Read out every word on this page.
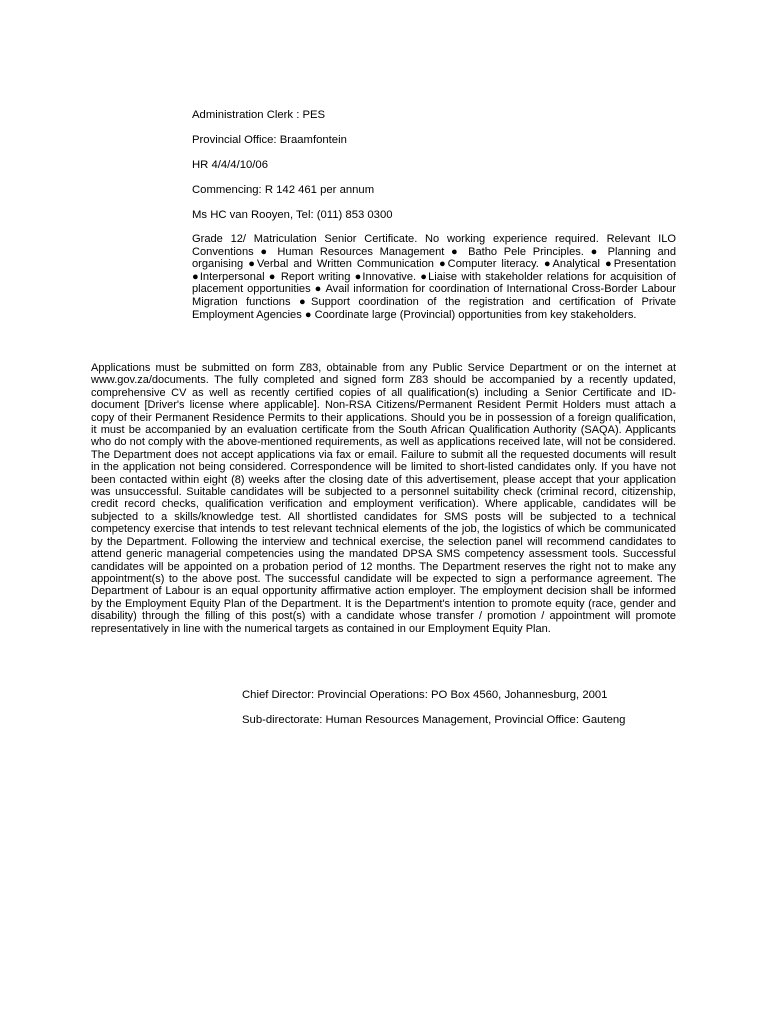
Administration Clerk : PES

Provincial Office: Braamfontein

HR 4/4/4/10/06

Commencing: R 142 461 per annum

Ms HC van Rooyen, Tel: (011) 853 0300

Grade 12/ Matriculation Senior Certificate. No working experience required. Relevant ILO Conventions ● Human Resources Management ● Batho Pele Principles. ● Planning and organising ●Verbal and Written Communication ●Computer literacy. ●Analytical ●Presentation ●Interpersonal ● Report writing ●Innovative. ●Liaise with stakeholder relations for acquisition of placement opportunities ● Avail information for coordination of International Cross-Border Labour Migration functions ●Support coordination of the registration and certification of Private Employment Agencies ● Coordinate large (Provincial) opportunities from key stakeholders.

Applications must be submitted on form Z83, obtainable from any Public Service Department or on the internet at www.gov.za/documents. The fully completed and signed form Z83 should be accompanied by a recently updated, comprehensive CV as well as recently certified copies of all qualification(s) including a Senior Certificate and ID-document [Driver's license where applicable]. Non-RSA Citizens/Permanent Resident Permit Holders must attach a copy of their Permanent Residence Permits to their applications. Should you be in possession of a foreign qualification, it must be accompanied by an evaluation certificate from the South African Qualification Authority (SAQA). Applicants who do not comply with the above-mentioned requirements, as well as applications received late, will not be considered. The Department does not accept applications via fax or email. Failure to submit all the requested documents will result in the application not being considered. Correspondence will be limited to short-listed candidates only. If you have not been contacted within eight (8) weeks after the closing date of this advertisement, please accept that your application was unsuccessful. Suitable candidates will be subjected to a personnel suitability check (criminal record, citizenship, credit record checks, qualification verification and employment verification). Where applicable, candidates will be subjected to a skills/knowledge test. All shortlisted candidates for SMS posts will be subjected to a technical competency exercise that intends to test relevant technical elements of the job, the logistics of which be communicated by the Department. Following the interview and technical exercise, the selection panel will recommend candidates to attend generic managerial competencies using the mandated DPSA SMS competency assessment tools. Successful candidates will be appointed on a probation period of 12 months. The Department reserves the right not to make any appointment(s) to the above post. The successful candidate will be expected to sign a performance agreement. The Department of Labour is an equal opportunity affirmative action employer. The employment decision shall be informed by the Employment Equity Plan of the Department. It is the Department's intention to promote equity (race, gender and disability) through the filling of this post(s) with a candidate whose transfer / promotion / appointment will promote representatively in line with the numerical targets as contained in our Employment Equity Plan.

Chief Director: Provincial Operations: PO Box 4560, Johannesburg, 2001

Sub-directorate: Human Resources Management, Provincial Office: Gauteng
